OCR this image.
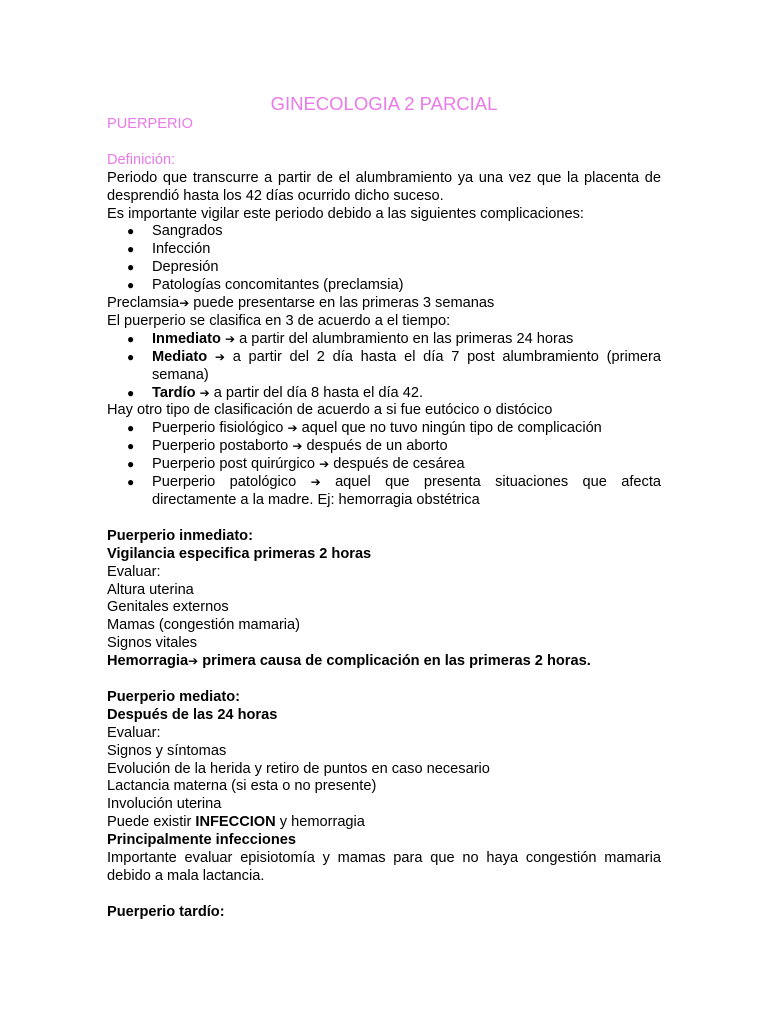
GINECOLOGIA 2 PARCIAL

PUERPERIO

Definición:

Periodo que transcurre a partir de el alumbramiento ya una vez que la placenta de desprendió hasta los 42 días ocurrido dicho suceso.

Es importante vigilar este periodo debido a las siguientes complicaciones:

● Sangrados
● Infección
● Depresión
● Patologías concomitantes (preclamsia)

Preclamsia➔ puede presentarse en las primeras 3 semanas

El puerperio se clasifica en 3 de acuerdo a el tiempo:

● Inmediato ➔ a partir del alumbramiento en las primeras 24 horas
● Mediato ➔ a partir del 2 día hasta el día 7 post alumbramiento (primera semana)
● Tardío ➔ a partir del día 8 hasta el día 42.

Hay otro tipo de clasificación de acuerdo a si fue eutócico o distócico

● Puerperio fisiológico ➔ aquel que no tuvo ningún tipo de complicación
● Puerperio postaborto ➔ después de un aborto
● Puerperio post quirúrgico ➔ después de cesárea
● Puerperio patológico ➔ aquel que presenta situaciones que afecta directamente a la madre. Ej: hemorragia obstétrica

Puerperio inmediato:

Vigilancia especifica primeras 2 horas

Evaluar:

Altura uterina

Genitales externos

Mamas (congestión mamaria)

Signos vitales

Hemorragia➔ primera causa de complicación en las primeras 2 horas.

Puerperio mediato:

Después de las 24 horas

Evaluar:

Signos y síntomas

Evolución de la herida y retiro de puntos en caso necesario

Lactancia materna (si esta o no presente)

Involución uterina

Puede existir INFECCION y hemorragia

Principalmente infecciones

Importante evaluar episiotomía y mamas para que no haya congestión mamaria debido a mala lactancia.

Puerperio tardío:
